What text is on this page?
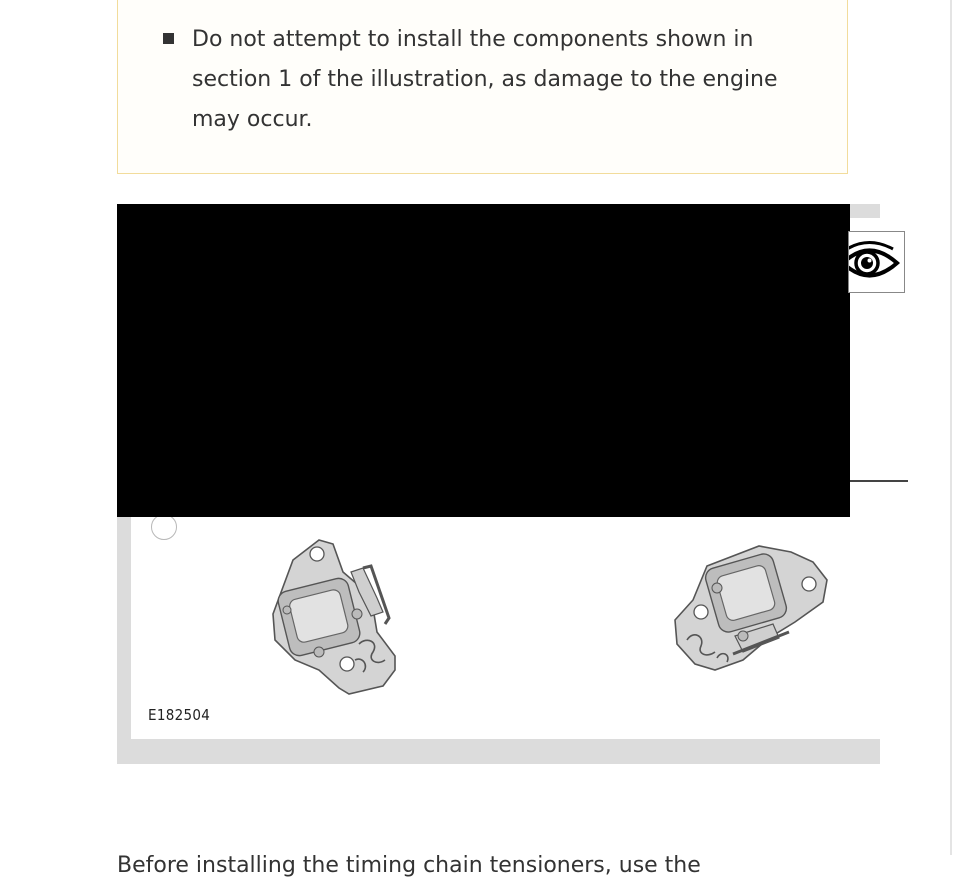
Do not attempt to install the components shown in section 1 of the illustration, as damage to the engine may occur.
E182504

Before installing the timing chain tensioners, use the
